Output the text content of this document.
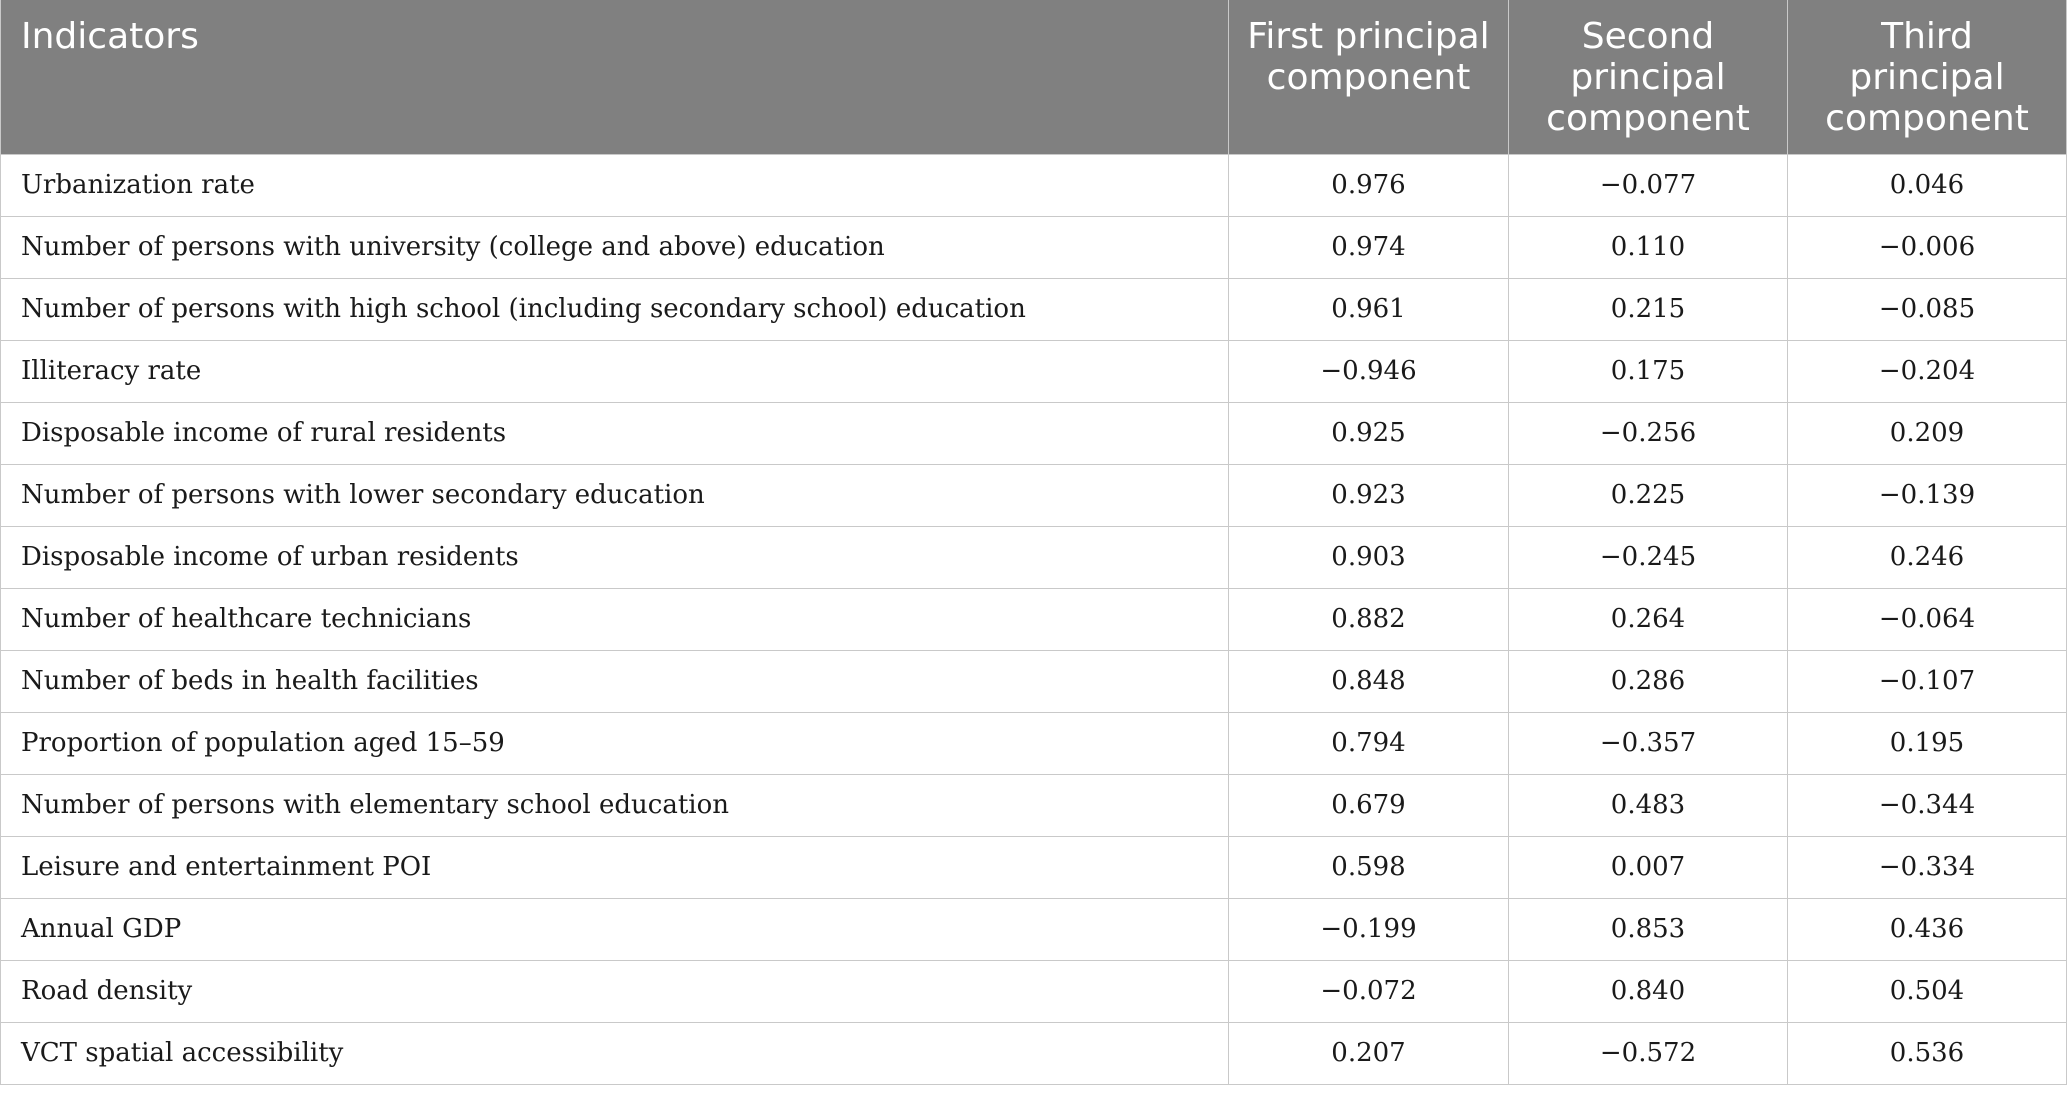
Indicators	First principal component	Second principal component	Third principal component
Urbanization rate	0.976	−0.077	0.046
Number of persons with university (college and above) education	0.974	0.110	−0.006
Number of persons with high school (including secondary school) education	0.961	0.215	−0.085
Illiteracy rate	−0.946	0.175	−0.204
Disposable income of rural residents	0.925	−0.256	0.209
Number of persons with lower secondary education	0.923	0.225	−0.139
Disposable income of urban residents	0.903	−0.245	0.246
Number of healthcare technicians	0.882	0.264	−0.064
Number of beds in health facilities	0.848	0.286	−0.107
Proportion of population aged 15–59	0.794	−0.357	0.195
Number of persons with elementary school education	0.679	0.483	−0.344
Leisure and entertainment POI	0.598	0.007	−0.334
Annual GDP	−0.199	0.853	0.436
Road density	−0.072	0.840	0.504
VCT spatial accessibility	0.207	−0.572	0.536
